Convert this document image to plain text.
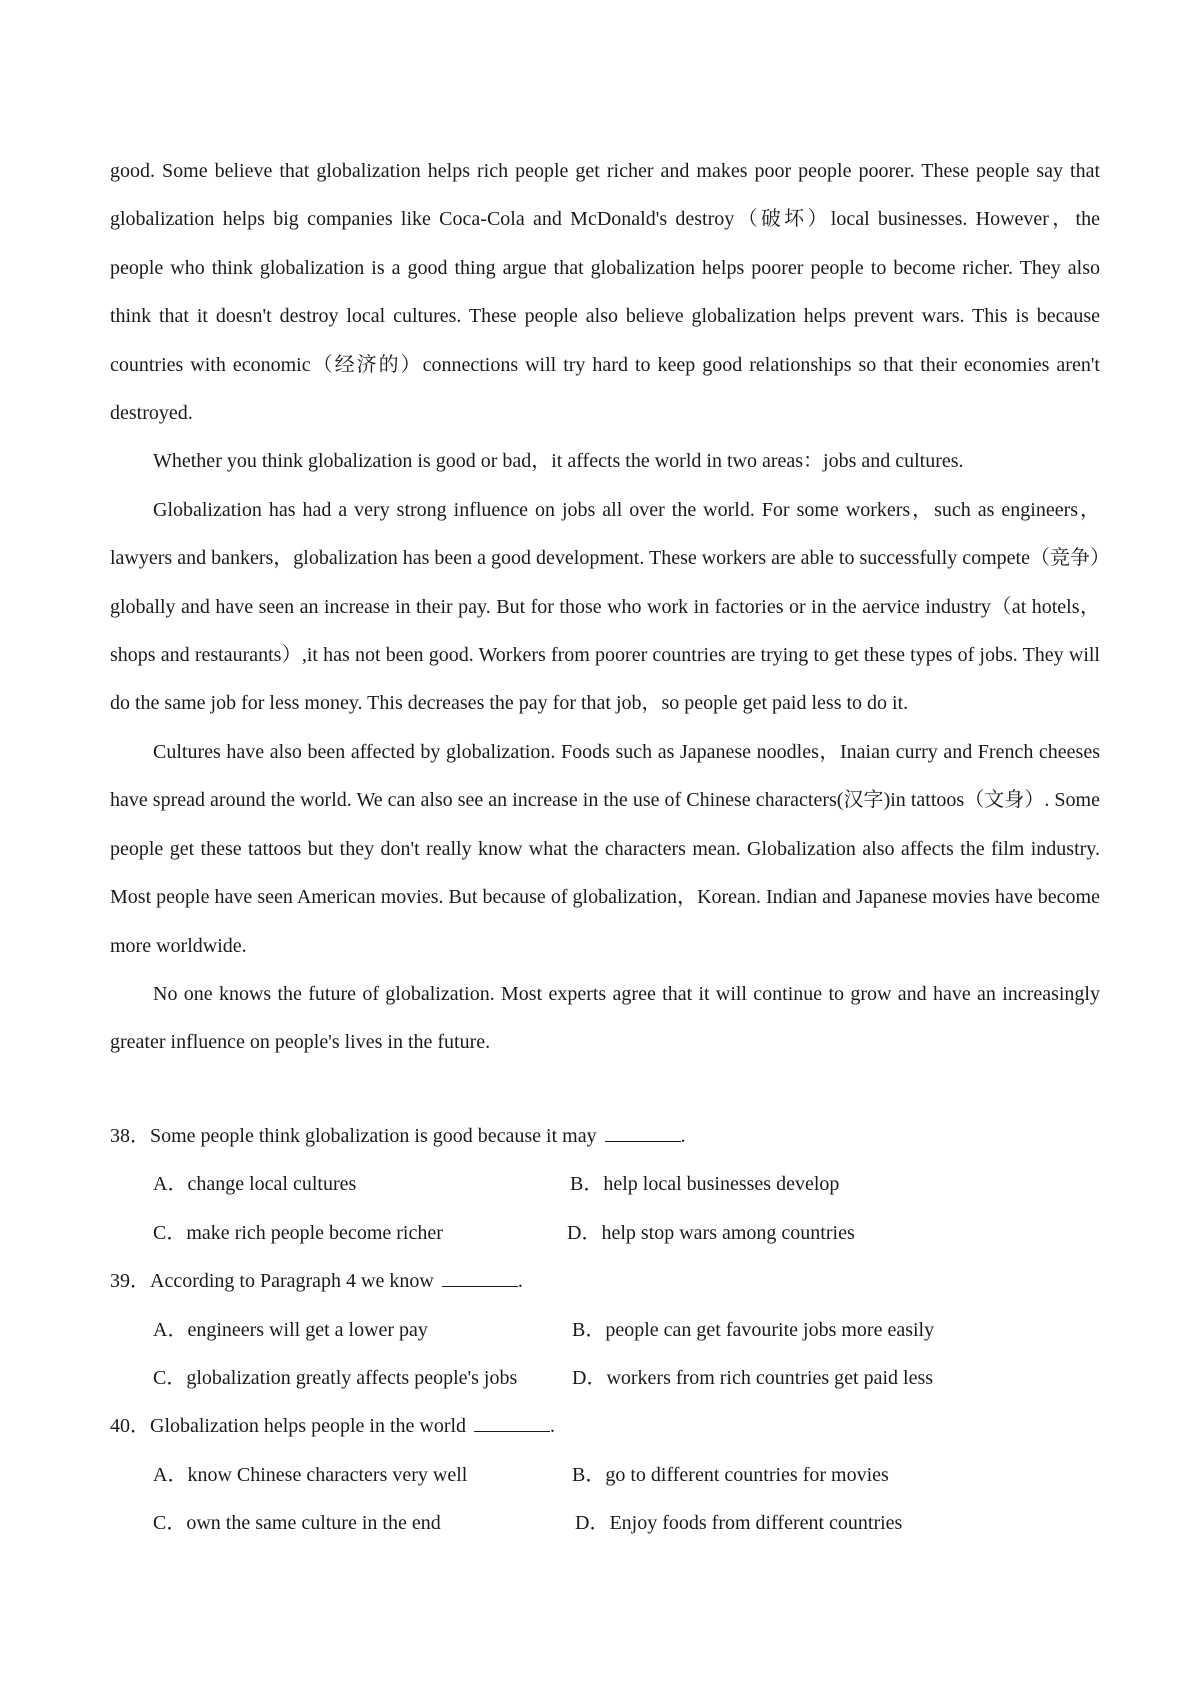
good. Some believe that globalization helps rich people get richer and makes poor people poorer. These people say that globalization helps big companies like Coca-Cola and McDonald's destroy（破坏）local businesses. However，the people who think globalization is a good thing argue that globalization helps poorer people to become richer. They also think that it doesn't destroy local cultures. These people also believe globalization helps prevent wars. This is because countries with economic（经济的）connections will try hard to keep good relationships so that their economies aren't destroyed.

Whether you think globalization is good or bad，it affects the world in two areas：jobs and cultures.

Globalization has had a very strong influence on jobs all over the world. For some workers，such as engineers，lawyers and bankers，globalization has been a good development. These workers are able to successfully compete（竞争）globally and have seen an increase in their pay. But for those who work in factories or in the aervice industry（at hotels，shops and restaurants）,it has not been good. Workers from poorer countries are trying to get these types of jobs. They will do the same job for less money. This decreases the pay for that job，so people get paid less to do it.

Cultures have also been affected by globalization. Foods such as Japanese noodles，Inaian curry and French cheeses have spread around the world. We can also see an increase in the use of Chinese characters(汉字)in tattoos（文身）. Some people get these tattoos but they don't really know what the characters mean. Globalization also affects the film industry. Most people have seen American movies. But because of globalization，Korean. Indian and Japanese movies have become more worldwide.

No one knows the future of globalization. Most experts agree that it will continue to grow and have an increasingly greater influence on people's lives in the future.

38．Some people think globalization is good because it may	.
A．change local cultures	B．help local businesses develop
C．make rich people become richer	D．help stop wars among countries
39．According to Paragraph 4 we know	.
A．engineers will get a lower pay	B．people can get favourite jobs more easily
C．globalization greatly affects people's jobs	D．workers from rich countries get paid less
40．Globalization helps people in the world	.
A．know Chinese characters very well	B．go to different countries for movies
C．own the same culture in the end	D．Enjoy foods from different countries
